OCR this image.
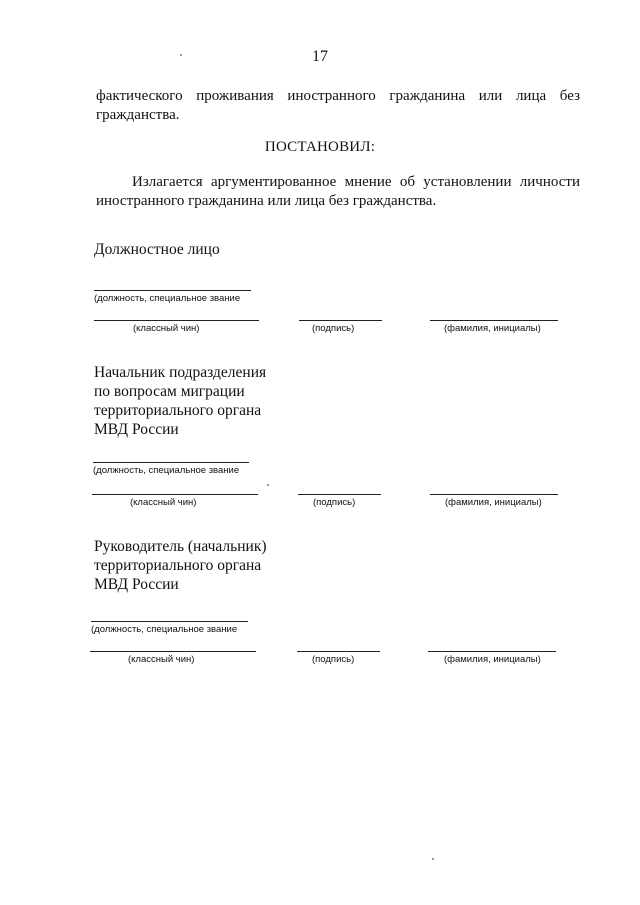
17
фактического проживания иностранного гражданина или лица без
гражданства.
ПОСТАНОВИЛ:
Излагается аргументированное мнение об установлении личности
иностранного гражданина или лица без гражданства.
Должностное лицо
(должность, специальное звание
(классный чин)	(подпись)	(фамилия, инициалы)
Начальник подразделения
по вопросам миграции
территориального органа
МВД России
(должность, специальное звание
(классный чин)	(подпись)	(фамилия, инициалы)
Руководитель (начальник)
территориального органа
МВД России
(должность, специальное звание
(классный чин)	(подпись)	(фамилия, инициалы)
